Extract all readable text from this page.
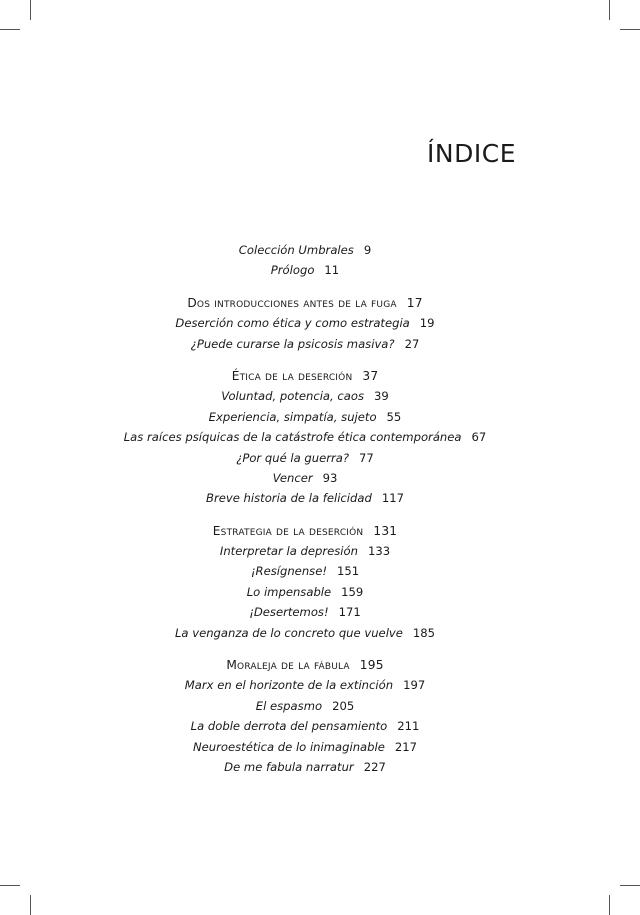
ÍNDICE
Colección Umbrales 9
Prólogo 11
Dos introducciones antes de la fuga 17
Deserción como ética y como estrategia 19
¿Puede curarse la psicosis masiva? 27
Ética de la deserción 37
Voluntad, potencia, caos 39
Experiencia, simpatía, sujeto 55
Las raíces psíquicas de la catástrofe ética contemporánea 67
¿Por qué la guerra? 77
Vencer 93
Breve historia de la felicidad 117
Estrategia de la deserción 131
Interpretar la depresión 133
¡Resígnense! 151
Lo impensable 159
¡Desertemos! 171
La venganza de lo concreto que vuelve 185
Moraleja de la fábula 195
Marx en el horizonte de la extinción 197
El espasmo 205
La doble derrota del pensamiento 211
Neuroestética de lo inimaginable 217
De me fabula narratur 227
